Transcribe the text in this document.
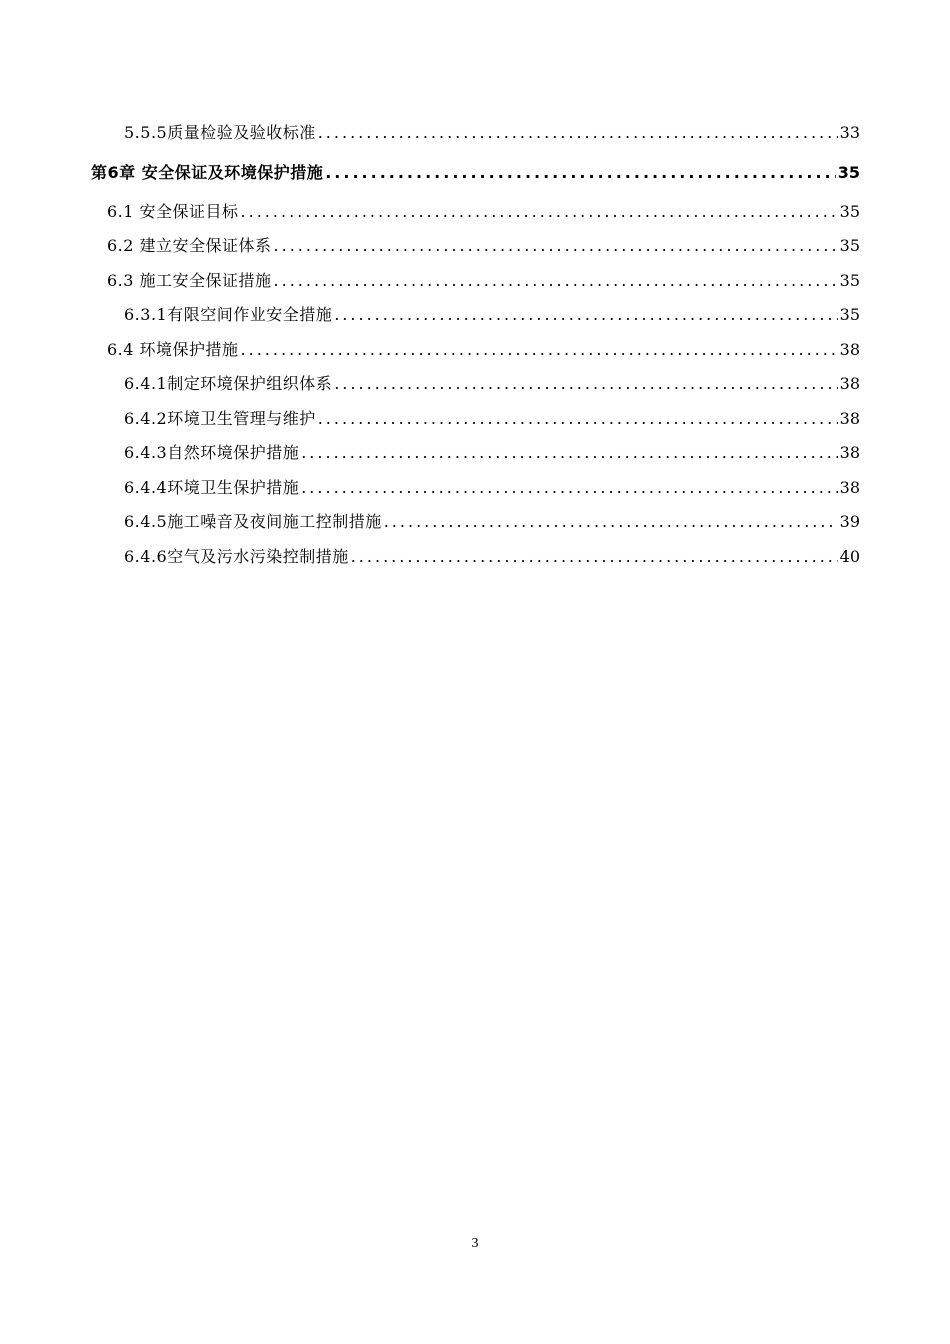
5.5.5质量检验及验收标准 .....	33
第6章 安全保证及环境保护措施 .....	35
6.1 安全保证目标 .....	35
6.2 建立安全保证体系 .....	35
6.3 施工安全保证措施 .....	35
6.3.1有限空间作业安全措施 .....	35
6.4 环境保护措施 .....	38
6.4.1制定环境保护组织体系 .....	38
6.4.2环境卫生管理与维护 .....	38
6.4.3自然环境保护措施 .....	38
6.4.4环境卫生保护措施 .....	38
6.4.5施工噪音及夜间施工控制措施 .....	39
6.4.6空气及污水污染控制措施 .....	40
3
